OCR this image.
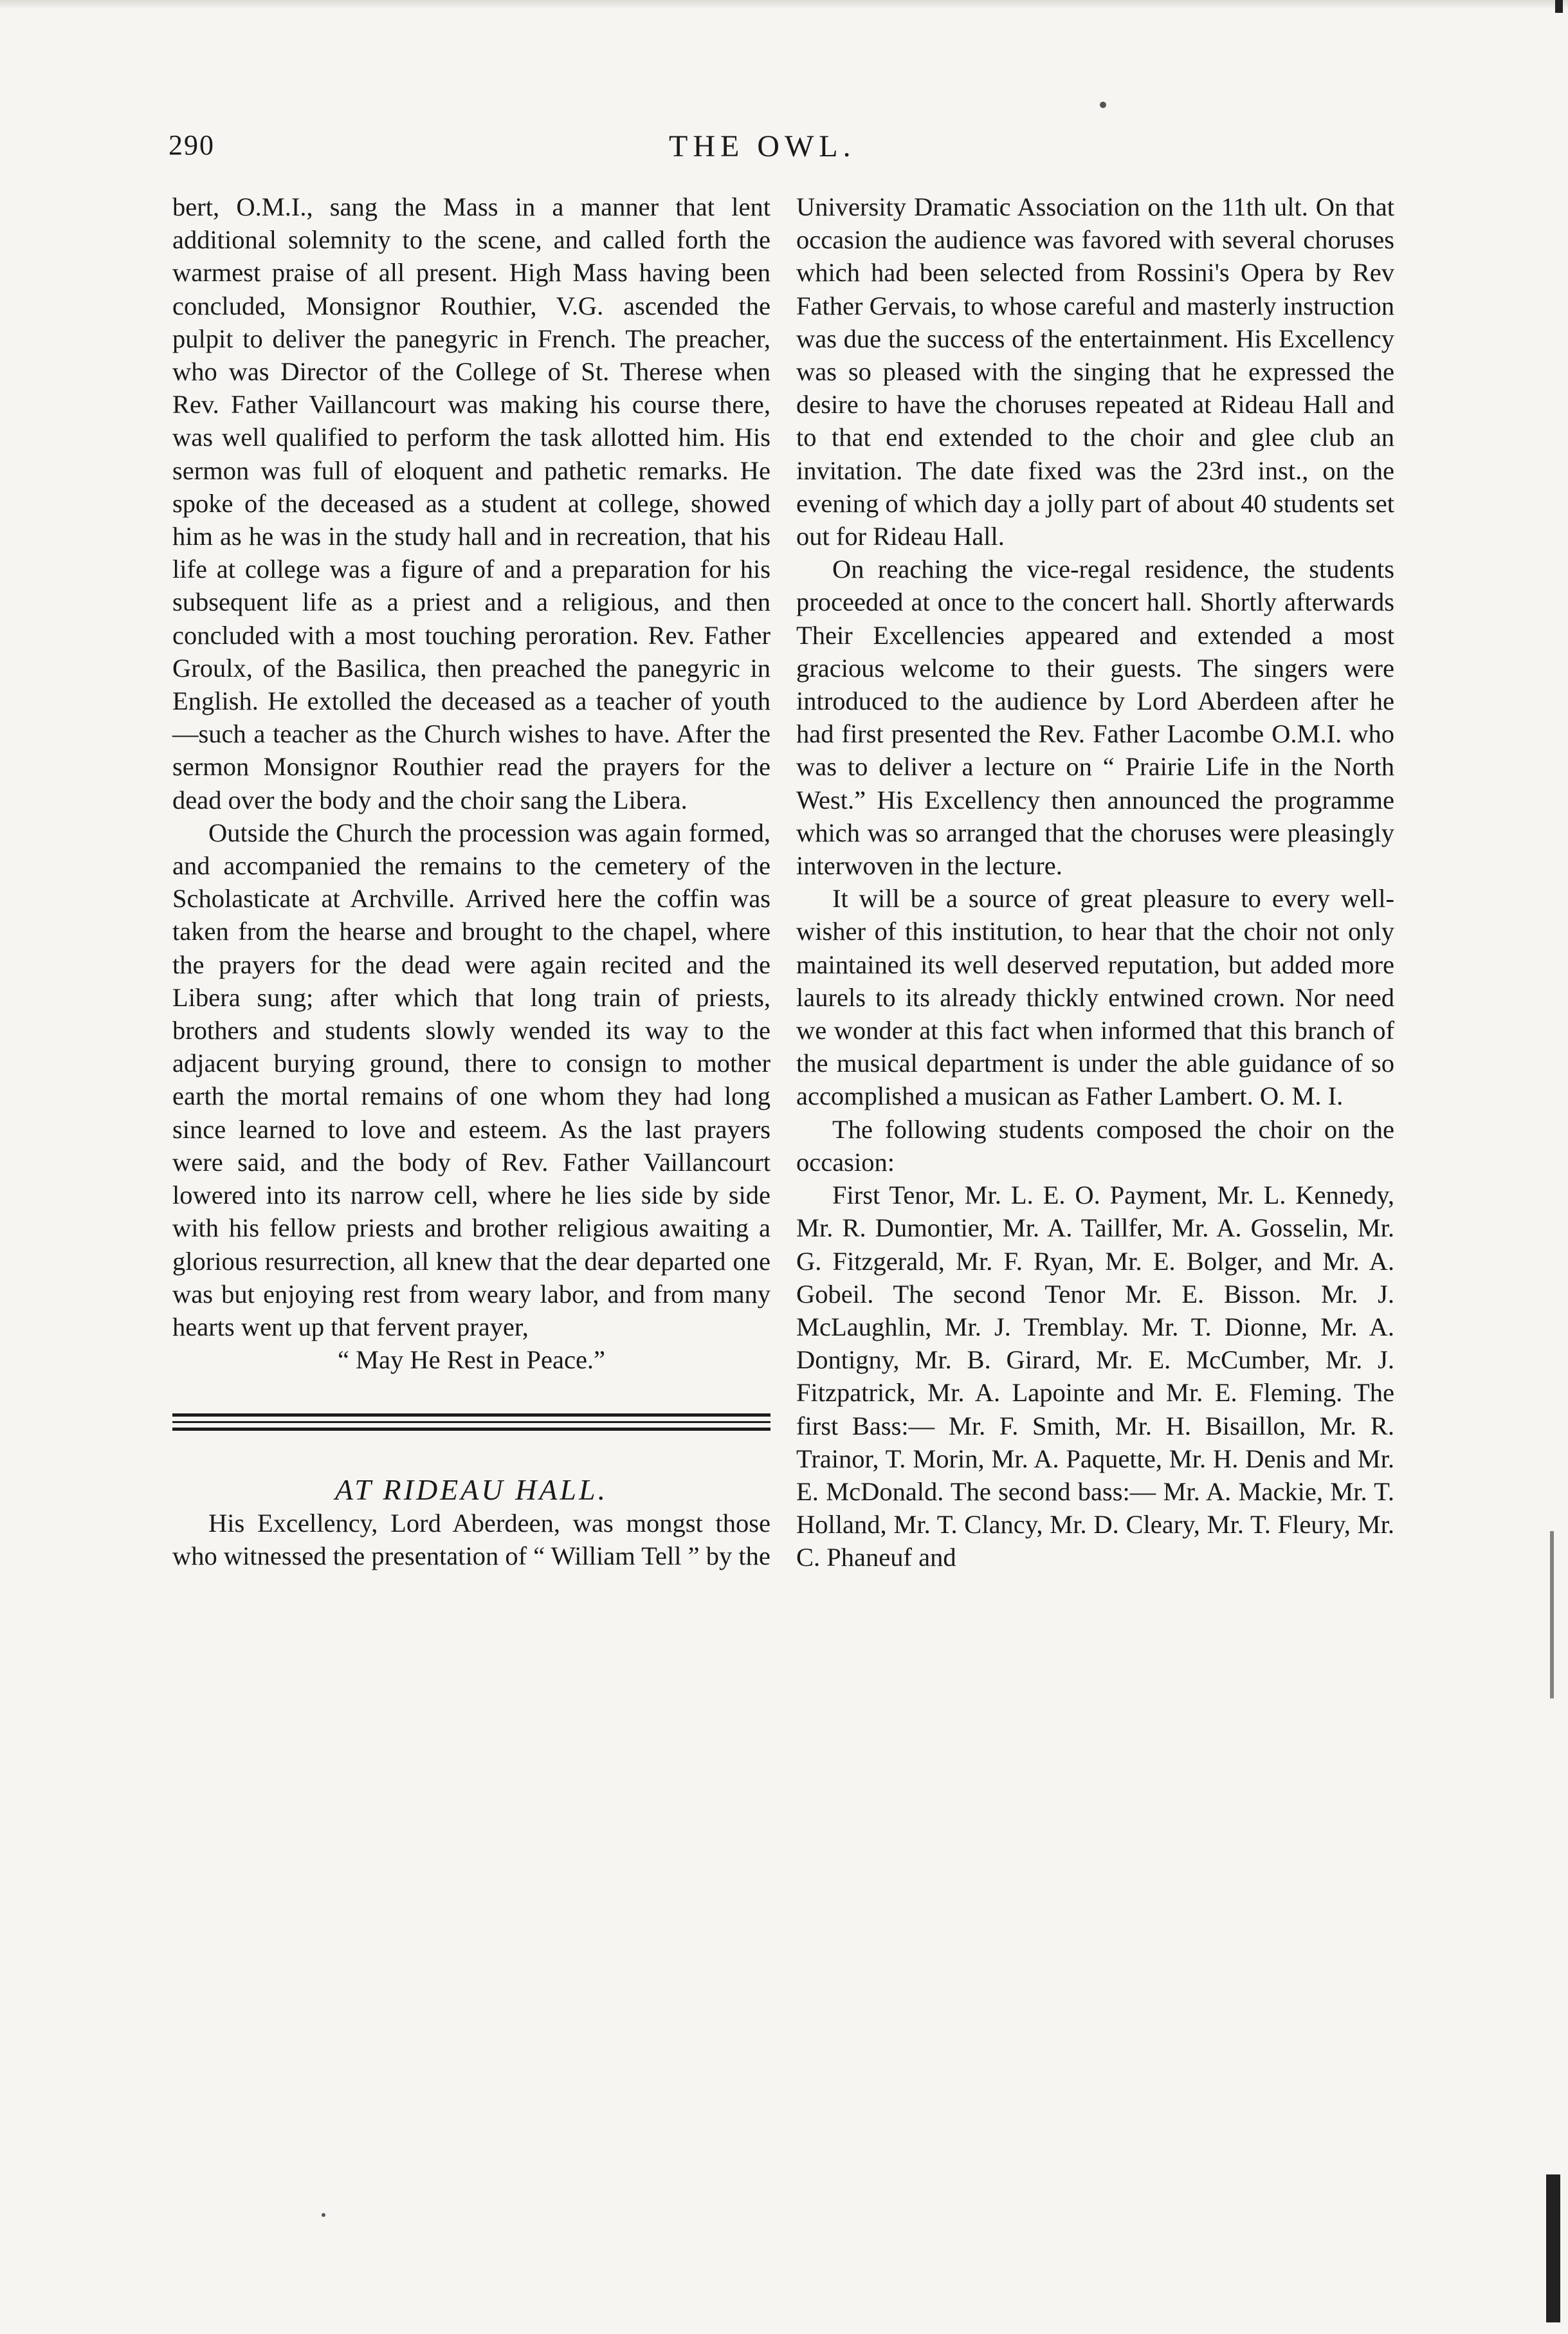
290	THE OWL.

bert, O.M.I., sang the Mass in a manner that lent additional solemnity to the scene, and called forth the warmest praise of all present. High Mass having been concluded, Monsignor Routhier, V.G. ascended the pulpit to deliver the panegyric in French. The preacher, who was Director of the College of St. Therese when Rev. Father Vaillancourt was making his course there, was well qualified to perform the task allotted him. His sermon was full of eloquent and pathetic remarks. He spoke of the deceased as a student at college, showed him as he was in the study hall and in recreation, that his life at college was a figure of and a preparation for his subsequent life as a priest and a religious, and then concluded with a most touching peroration. Rev. Father Groulx, of the Basilica, then preached the panegyric in English. He extolled the deceased as a teacher of youth—such a teacher as the Church wishes to have. After the sermon Monsignor Routhier read the prayers for the dead over the body and the choir sang the Libera.

Outside the Church the procession was again formed, and accompanied the remains to the cemetery of the Scholasticate at Archville. Arrived here the coffin was taken from the hearse and brought to the chapel, where the prayers for the dead were again recited and the Libera sung; after which that long train of priests, brothers and students slowly wended its way to the adjacent burying ground, there to consign to mother earth the mortal remains of one whom they had long since learned to love and esteem. As the last prayers were said, and the body of Rev. Father Vaillancourt lowered into its narrow cell, where he lies side by side with his fellow priests and brother religious awaiting a glorious resurrection, all knew that the dear departed one was but enjoying rest from weary labor, and from many hearts went up that fervent prayer,

“ May He Rest in Peace.”

AT RIDEAU HALL.

His Excellency, Lord Aberdeen, was mongst those who witnessed the presentation of “ William Tell ” by the

University Dramatic Association on the 11th ult. On that occasion the audience was favored with several choruses which had been selected from Rossini's Opera by Rev Father Gervais, to whose careful and masterly instruction was due the success of the entertainment. His Excellency was so pleased with the singing that he expressed the desire to have the choruses repeated at Rideau Hall and to that end extended to the choir and glee club an invitation. The date fixed was the 23rd inst., on the evening of which day a jolly part of about 40 students set out for Rideau Hall.

On reaching the vice-regal residence, the students proceeded at once to the concert hall. Shortly afterwards Their Excellencies appeared and extended a most gracious welcome to their guests. The singers were introduced to the audience by Lord Aberdeen after he had first presented the Rev. Father Lacombe O.M.I. who was to deliver a lecture on “ Prairie Life in the North West.” His Excellency then announced the programme which was so arranged that the choruses were pleasingly interwoven in the lecture.

It will be a source of great pleasure to every well-wisher of this institution, to hear that the choir not only maintained its well deserved reputation, but added more laurels to its already thickly entwined crown. Nor need we wonder at this fact when informed that this branch of the musical department is under the able guidance of so accomplished a musican as Father Lambert. O. M. I.

The following students composed the choir on the occasion:

First Tenor, Mr. L. E. O. Payment, Mr. L. Kennedy, Mr. R. Dumontier, Mr. A. Taillfer, Mr. A. Gosselin, Mr. G. Fitzgerald, Mr. F. Ryan, Mr. E. Bolger, and Mr. A. Gobeil. The second Tenor Mr. E. Bisson. Mr. J. McLaughlin, Mr. J. Tremblay. Mr. T. Dionne, Mr. A. Dontigny, Mr. B. Girard, Mr. E. McCumber, Mr. J. Fitzpatrick, Mr. A. Lapointe and Mr. E. Fleming. The first Bass:— Mr. F. Smith, Mr. H. Bisaillon, Mr. R. Trainor, T. Morin, Mr. A. Paquette, Mr. H. Denis and Mr. E. McDonald. The second bass:— Mr. A. Mackie, Mr. T. Holland, Mr. T. Clancy, Mr. D. Cleary, Mr. T. Fleury, Mr. C. Phaneuf and
